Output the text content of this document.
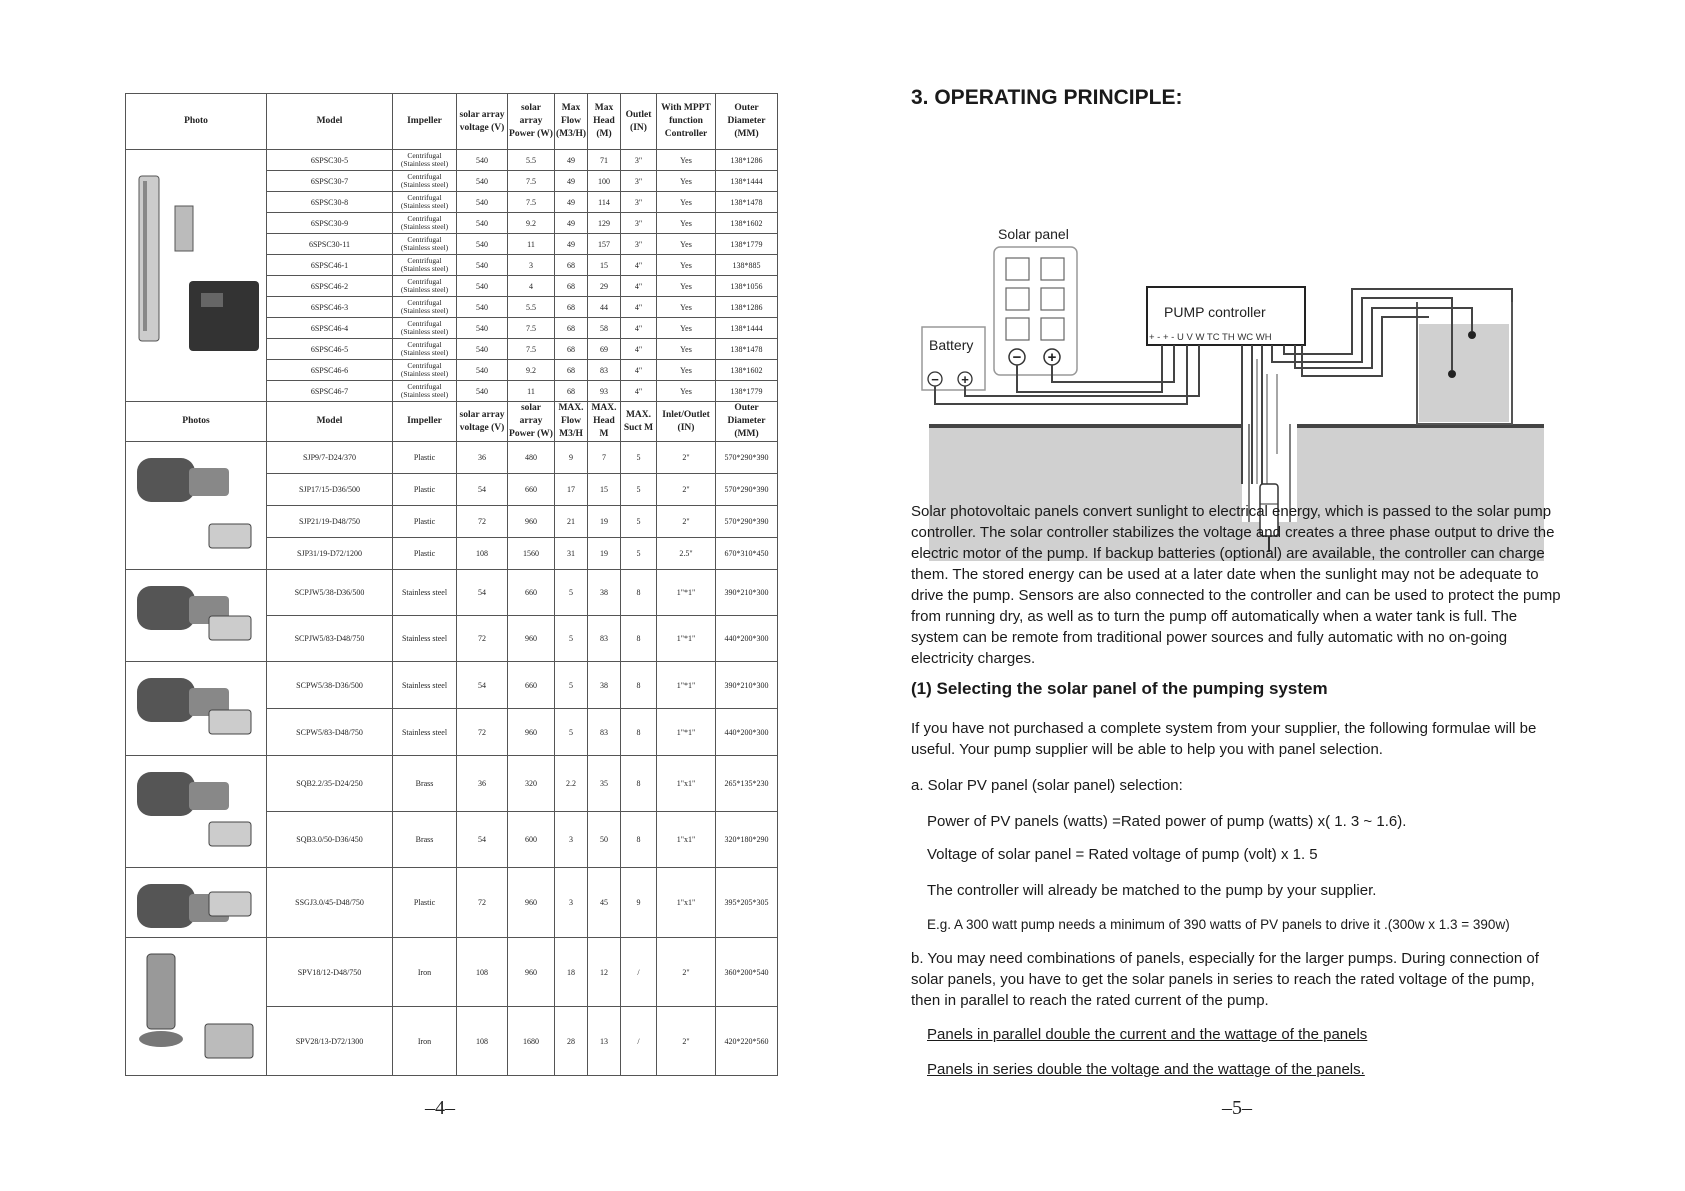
Photo	Model	Impeller	solar array voltage (V)	solar array Power (W)	Max Flow (M3/H)	Max Head (M)	Outlet (IN)	With MPPT function Controller	Outer Diameter (MM)

	6SPSC30-5	Centrifugal (Stainless steel)	540	5.5	49	71	3"	Yes	138*1286
	6SPSC30-7	Centrifugal (Stainless steel)	540	7.5	49	100	3"	Yes	138*1444
	6SPSC30-8	Centrifugal (Stainless steel)	540	7.5	49	114	3"	Yes	138*1478
	6SPSC30-9	Centrifugal (Stainless steel)	540	9.2	49	129	3"	Yes	138*1602
	6SPSC30-11	Centrifugal (Stainless steel)	540	11	49	157	3"	Yes	138*1779
	6SPSC46-1	Centrifugal (Stainless steel)	540	3	68	15	4"	Yes	138*885
	6SPSC46-2	Centrifugal (Stainless steel)	540	4	68	29	4"	Yes	138*1056
	6SPSC46-3	Centrifugal (Stainless steel)	540	5.5	68	44	4"	Yes	138*1286
	6SPSC46-4	Centrifugal (Stainless steel)	540	7.5	68	58	4"	Yes	138*1444
	6SPSC46-5	Centrifugal (Stainless steel)	540	7.5	68	69	4"	Yes	138*1478
	6SPSC46-6	Centrifugal (Stainless steel)	540	9.2	68	83	4"	Yes	138*1602
	6SPSC46-7	Centrifugal (Stainless steel)	540	11	68	93	4"	Yes	138*1779
Photos	Model	Impeller	solar array voltage (V)	solar array Power (W)	MAX. Flow M3/H	MAX. Head M	MAX. Suct M	Inlet/Outlet (IN)	Outer Diameter (MM)

	SJP9/7-D24/370	Plastic	36	480	9	7	5	2"	570*290*390
	SJP17/15-D36/500	Plastic	54	660	17	15	5	2"	570*290*390
	SJP21/19-D48/750	Plastic	72	960	21	19	5	2"	570*290*390
	SJP31/19-D72/1200	Plastic	108	1560	31	19	5	2.5"	670*310*450

	SCPJW5/38-D36/500	Stainless steel	54	660	5	38	8	1"*1"	390*210*300
	SCPJW5/83-D48/750	Stainless steel	72	960	5	83	8	1"*1"	440*200*300

	SCPW5/38-D36/500	Stainless steel	54	660	5	38	8	1"*1"	390*210*300
	SCPW5/83-D48/750	Stainless steel	72	960	5	83	8	1"*1"	440*200*300

	SQB2.2/35-D24/250	Brass	36	320	2.2	35	8	1"x1"	265*135*230
	SQB3.0/50-D36/450	Brass	54	600	3	50	8	1"x1"	320*180*290

	SSGJ3.0/45-D48/750	Plastic	72	960	3	45	9	1"x1"	395*205*305

	SPV18/12-D48/750	Iron	108	960	18	12	/	2"	360*200*540
	SPV28/13-D72/1300	Iron	108	1680	28	13	/	2"	420*220*560
–4–
3. OPERATING PRINCIPLE:
Solar panel
− +
Battery
− +
PUMP controller
+ - + - U V W TC TH WC WH

Solar photovoltaic panels convert sunlight to electrical energy, which is passed to the solar pump controller. The solar controller stabilizes the voltage and creates a three phase output to drive the electric motor of the pump. If backup batteries (optional) are available, the controller can charge them. The stored energy can be used at a later date when the sunlight may not be adequate to drive the pump. Sensors are also connected to the controller and can be used to protect the pump from running dry, as well as to turn the pump off automatically when a water tank is full. The system can be remote from traditional power sources and fully automatic with no on-going electricity charges.

(1) Selecting the solar panel of the pumping system

If you have not purchased a complete system from your supplier, the following formulae will be useful. Your pump supplier will be able to help you with panel selection.

a. Solar PV panel (solar panel) selection:

Power of PV panels (watts) =Rated power of pump (watts) x( 1. 3 ~ 1.6).

Voltage of solar panel = Rated voltage of pump (volt) x 1. 5

The controller will already be matched to the pump by your supplier.

E.g. A 300 watt pump needs a minimum of 390 watts of PV panels to drive it .(300w x 1.3 = 390w)

b. You may need combinations of panels, especially for the larger pumps. During connection of solar panels, you have to get the solar panels in series to reach the rated voltage of the pump, then in parallel to reach the rated current of the pump.

Panels in parallel double the current and the wattage of the panels

Panels in series double the voltage and the wattage of the panels.

–5–
